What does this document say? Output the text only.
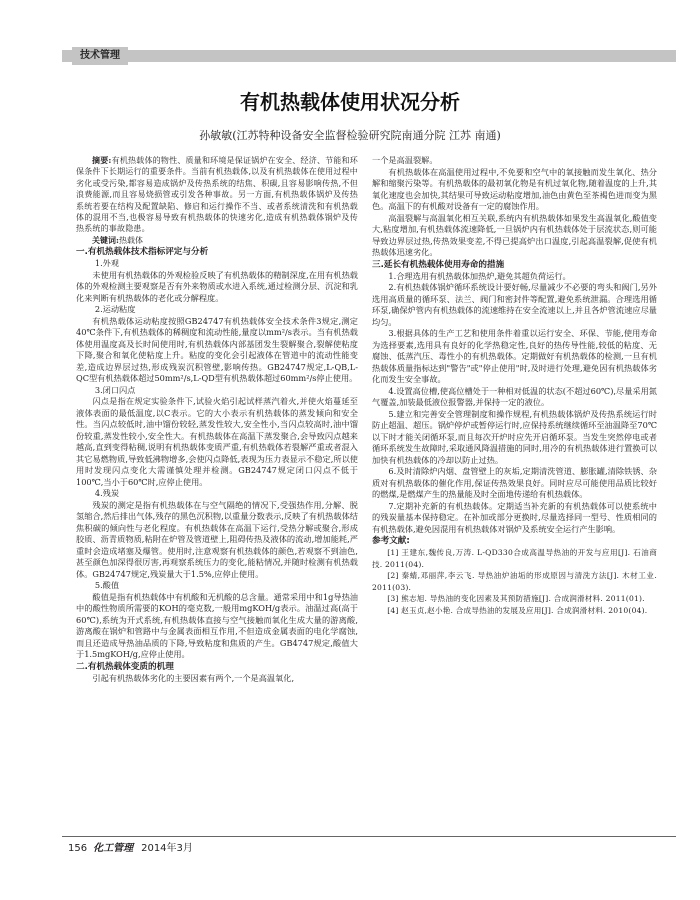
技术管理
有机热载体使用状况分析
孙敏敏(江苏特种设备安全监督检验研究院南通分院 江苏 南通)

摘要:有机热载体的物性、质量和环境是保证锅炉在安全、经济、节能和环保条件下长期运行的重要条件。当前有机热载体,以及有机热载体在使用过程中劣化或受污染,都容易造成锅炉及传热系统的结焦、积碳,且容易影响传热,不但浪费能源,而且容易烧损管或引发各种事故。另一方面,有机热载体锅炉及传热系统若要在结构及配置缺陷、修启和运行操作不当、或者系统清洗和有机热载体的混用不当,也极容易导致有机热载体的快速劣化,造成有机热载体锅炉及传热系统的事故隐患。

关键词:热载体

一.有机热载体技术指标评定与分析
1.外观

未使用有机热载体的外观检验反映了有机热载体的精制深度,在用有机热载体的外观检测主要观察是否有外来物质或水进入系统,通过检测分层、沉淀和乳化来判断有机热载体的老化或分解程度。

2.运动粘度

有机热载体运动粘度按照GB24747有机热载体安全技术条件3规定,测定40℃条件下,有机热载体的稀稠度和流动性能,量度以mm²/s表示。当有机热载体使用温度高及长时间使用时,有机热载体内部基团发生裂解聚合,裂解使粘度下降,聚合和氧化使粘度上升。粘度的变化会引起液体在管道中的流动性能变差,造成边界层过热,形成残炭沉积管壁,影响传热。GB24747规定,L-QB,L-QC型有机热载体超过50mm²/s,L-QD型有机热载体超过60mm²/s停止使用。

3.闭口闪点

闪点是指在规定实验条件下,试验火焰引起试样蒸汽着火,并使火焰蔓延至液体表面的最低温度,以C表示。它的大小表示有机热载体的蒸发倾向和安全性。当闪点较低时,油中馏份较轻,蒸发性较大,安全性小,当闪点较高时,油中馏份较重,蒸发性较小,安全性大。有机热载体在高温下蒸发聚合,会导致闪点越来越高,直到变得粘稠,说明有机热载体变质严重,有机热载体若裂解严重或者混入其它易燃物质,导致低沸物增多,会使闪点降低,表现为压力表显示不稳定,所以使用时发现闪点变化大需谨慎处理并检测。GB24747规定闭口闪点不低于100℃,当小于60℃时,应停止使用。

4.残炭

残炭的测定是指有机热载体在与空气隔绝的情况下,受强热作用,分解、脱氢缩合,然后排出气体,残存的黑色沉积物,以重量分数表示,反映了有机热载体结焦积碳的倾向性与老化程度。有机热载体在高温下运行,受热分解或聚合,形成胶质、沥青质物质,粘附在炉管及管道壁上,阻碍传热及液体的流动,增加能耗,严重时会造成堵塞及爆管。使用时,注意观察有机热载体的颜色,若观察不到油色,甚至颜色加深得很厉害,再观察系统压力的变化,能粘情况,并随时检测有机热载体。GB24747规定,残炭量大于1.5%,应停止使用。

5.酸值

酸值是指有机热载体中有机酸和无机酸的总含量。通常采用中和1g导热油中的酸性物质所需要的KOH的毫克数,一般用mgKOH/g表示。油温过高(高于60℃),系统为开式系统,有机热载体直接与空气接触而氧化生成大量的游离酸,游离酸在锅炉和管路中与金属表面相互作用,不但造成金属表面的电化学腐蚀,而且还造成导热油品质的下降,导致粘度和焦质的产生。GB4747规定,酸值大于1.5mgKOH/g,应停止使用。

二.有机热载体变质的机理

引起有机热载体劣化的主要因素有两个,一个是高温氧化,

一个是高温裂解。

有机热载体在高温使用过程中,不免要和空气中的氧接触而发生氧化、热分解和缩聚污染等。有机热载体的最初氧化物是有机过氧化物,随着温度的上升,其氧化速度也会加快,其结果可导致运动粘度增加,油色由黄色至茶褐色进而变为黑色。高温下的有机酸对设备有一定的腐蚀作用。

高温裂解与高温氧化相互关联,系统内有机热载体如果发生高温氧化,酸值变大,粘度增加,有机热载体流速降低,一旦锅炉内有机热载体处于层流状态,则可能导致边界层过热,传热效果变差,不得已提高炉出口温度,引起高温裂解,促使有机热载体迅速劣化。

三.延长有机热载体使用寿命的措施

1.合理选用有机热载体加热炉,避免其超负荷运行。

2.有机热载体锅炉循环系统设计要好畅,尽量减少不必要的弯头和阀门,另外选用高质量的循环泵、法兰、阀门和密封件等配置,避免系统泄漏。合理选用循环泵,确保炉管内有机热载体的流速维持在安全流速以上,并且各炉管流速应尽量均匀。

3.根据具体的生产工艺和使用条件着重以运行安全、环保、节能,使用寿命为选择要素,选用具有良好的化学热稳定性,良好的热传导性能,较低的粘度、无腐蚀、低蒸汽压、毒性小的有机热载体。定期做好有机热载体的检测,一旦有机热载体质量指标达到"警告"或"停止使用"时,及时进行处理,避免因有机热载体劣化而发生安全事故。

4.设置高位槽,使高位槽处于一种相对低温的状态(不超过60℃),尽量采用氮气覆盖,加装最低液位报警器,并保持一定的液位。

5.建立和完善安全管理制度和操作规程,有机热载体锅炉及传热系统运行时防止超温、超压。锅炉停炉或暂停运行时,应保持系统继续循环至油温降至70℃以下时才能关闭循环泵,而且每次开炉时应先开启循环泵。当发生突然停电或者循环系统发生故障时,采取通风降温措施的同时,用冷的有机热载体进行置换可以加快有机热载体的冷却以防止过热。

6.及时清除炉内烟、盘管壁上的灰垢,定期清洗管道、膨胀罐,清除铁锈、杂质对有机热载体的催化作用,保证传热效果良好。同时应尽可能使用品质比较好的燃煤,是燃煤产生的热量能及时全面地传递给有机热载体。

7.定期补充新的有机热载体。定期适当补充新的有机热载体可以使系统中的残炭量基本保持稳定。在补加或部分更换时,尽量选择同一型号、性质相同的有机热载体,避免因混用有机热载体对锅炉及系统安全运行产生影响。

参考文献:

[1] 王建东,魏传良,万涛. L-QD330合成高温导热油的开发与应用[J]. 石油商技. 2011(04).

[2] 秦蜻,邓丽萍,李云飞. 导热油炉油垢的形成原因与清洗方法[J]. 木材工业. 2011(03).

[3] 熊志旭. 导热油的变化因素及其预防措施[J]. 合成润滑材料. 2011(01).

[4] 赵玉贞,赵小艳. 合成导热油的发展及应用[J]. 合成润滑材料. 2010(04).

156 化工管理 2014年3月
